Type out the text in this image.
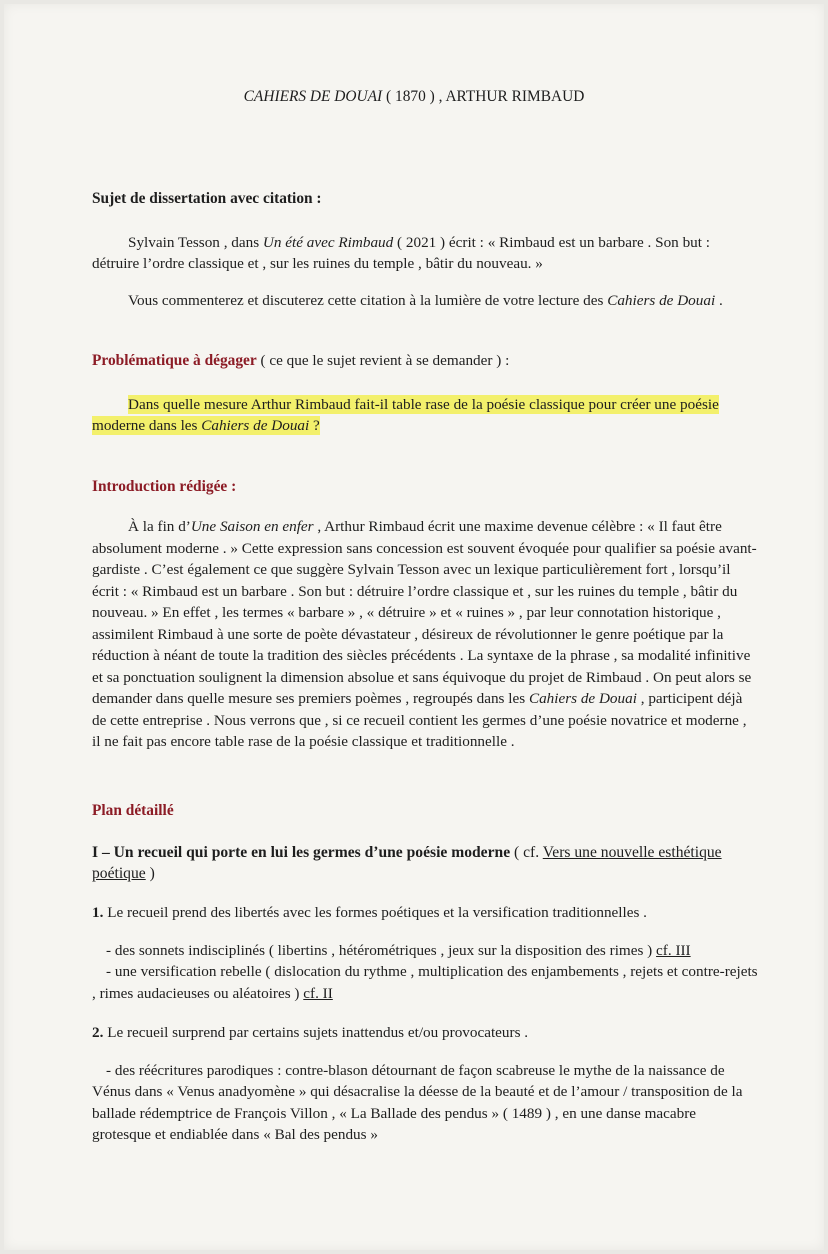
CAHIERS DE DOUAI ( 1870 ) , ARTHUR RIMBAUD
Sujet de dissertation avec citation :

Sylvain Tesson , dans Un été avec Rimbaud ( 2021 ) écrit : « Rimbaud est un barbare . Son but : détruire l’ordre classique et , sur les ruines du temple , bâtir du nouveau. »

Vous commenterez et discuterez cette citation à la lumière de votre lecture des Cahiers de Douai .

Problématique à dégager ( ce que le sujet revient à se demander ) :

Dans quelle mesure Arthur Rimbaud fait-il table rase de la poésie classique pour créer une poésie moderne dans les Cahiers de Douai ?

Introduction rédigée :

À la fin d’Une Saison en enfer , Arthur Rimbaud écrit une maxime devenue célèbre : « Il faut être absolument moderne . » Cette expression sans concession est souvent évoquée pour qualifier sa poésie avant-gardiste . C’est également ce que suggère Sylvain Tesson avec un lexique particulièrement fort , lorsqu’il écrit : « Rimbaud est un barbare . Son but : détruire l’ordre classique et , sur les ruines du temple , bâtir du nouveau. » En effet , les termes « barbare » , « détruire » et « ruines » , par leur connotation historique , assimilent Rimbaud à une sorte de poète dévastateur , désireux de révolutionner le genre poétique par la réduction à néant de toute la tradition des siècles précédents . La syntaxe de la phrase , sa modalité infinitive et sa ponctuation soulignent la dimension absolue et sans équivoque du projet de Rimbaud . On peut alors se demander dans quelle mesure ses premiers poèmes , regroupés dans les Cahiers de Douai , participent déjà de cette entreprise . Nous verrons que , si ce recueil contient les germes d’une poésie novatrice et moderne , il ne fait pas encore table rase de la poésie classique et traditionnelle .

Plan détaillé

I – Un recueil qui porte en lui les germes d’une poésie moderne ( cf. Vers une nouvelle esthétique poétique )

1. Le recueil prend des libertés avec les formes poétiques et la versification traditionnelles .

- des sonnets indisciplinés ( libertins , hétérométriques , jeux sur la disposition des rimes ) cf. III

- une versification rebelle ( dislocation du rythme , multiplication des enjambements , rejets et contre-rejets , rimes audacieuses ou aléatoires ) cf. II

2. Le recueil surprend par certains sujets inattendus et/ou provocateurs .

- des réécritures parodiques : contre-blason détournant de façon scabreuse le mythe de la naissance de Vénus dans « Venus anadyomène » qui désacralise la déesse de la beauté et de l’amour / transposition de la ballade rédemptrice de François Villon , « La Ballade des pendus » ( 1489 ) , en une danse macabre grotesque et endiablée dans « Bal des pendus »
